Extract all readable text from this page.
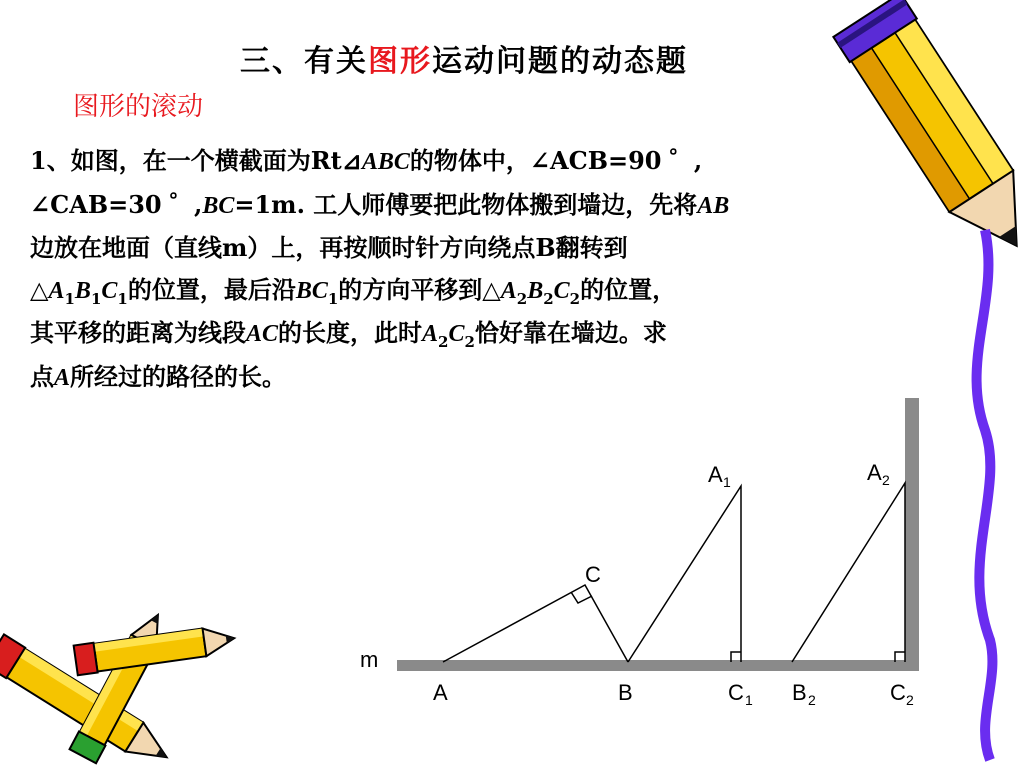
三、有关图形运动问题的动态题
图形的滚动
1、如图，在一个横截面为Rt⊿ABC的物体中，∠ACB=90 ゜,
∠CAB=30 ゜,BC=1m. 工人师傅要把此物体搬到墙边，先将AB
边放在地面（直线m）上，再按顺时针方向绕点B翻转到
$\triangle A_1B_1C_1$的位置，最后沿$BC_1$的方向平移到$\triangle A_2B_2C_2$的位置，
其平移的距离为线段AC的长度，此时$A_2C_2$恰好靠在墙边。求
点A所经过的路径的长。
m
A	B
C
C 1 B 2	C 2
A 1	A 2
